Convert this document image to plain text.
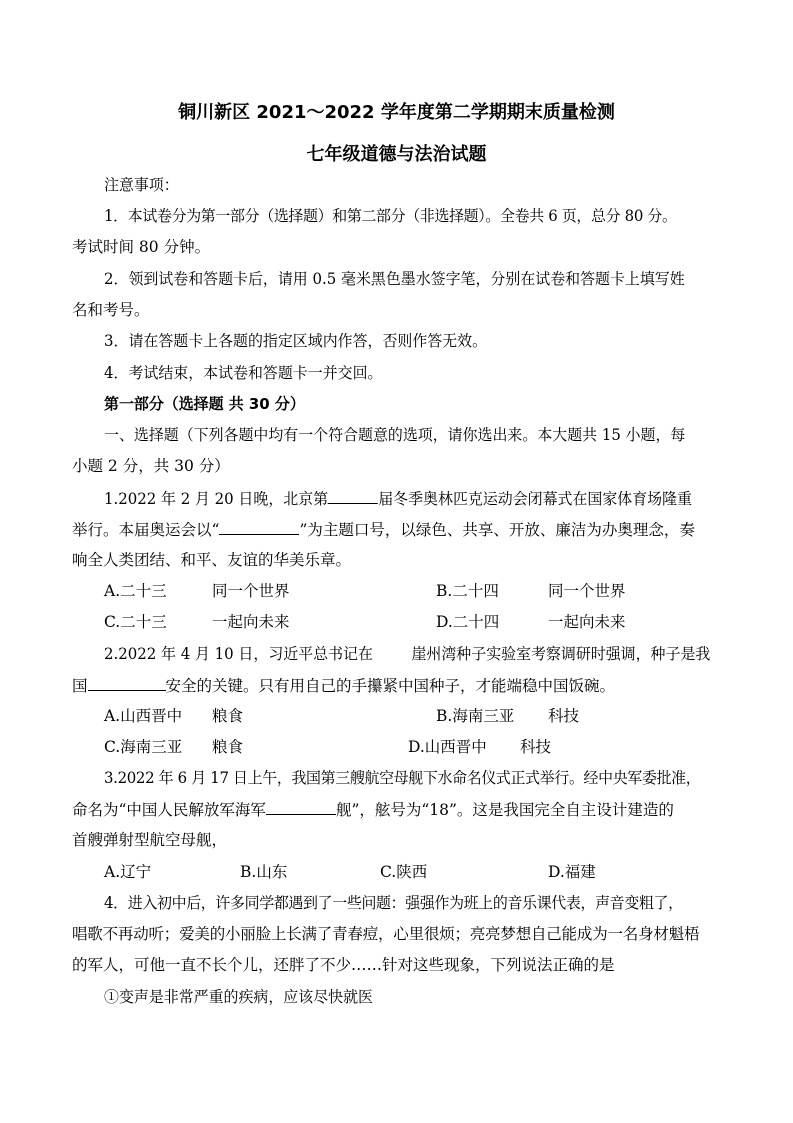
铜川新区 2021～2022 学年度第二学期期末质量检测
七年级道德与法治试题
注意事项：
1．本试卷分为第一部分（选择题）和第二部分（非选择题）。全卷共 6 页，总分 80 分。
考试时间 80 分钟。
2．领到试卷和答题卡后，请用 0.5 毫米黑色墨水签字笔，分别在试卷和答题卡上填写姓
名和考号。
3．请在答题卡上各题的指定区域内作答，否则作答无效。
4．考试结束，本试卷和答题卡一并交回。
第一部分（选择题 共 30 分）
一、选择题（下列各题中均有一个符合题意的选项，请你选出来。本大题共 15 小题，每
小题 2 分，共 30 分）
1.2022 年 2 月 20 日晚，北京第	届冬季奥林匹克运动会闭幕式在国家体育场隆重
举行。本届奥运会以“	”为主题口号，以绿色、共享、开放、廉洁为办奥理念，奏
响全人类团结、和平、友谊的华美乐章。
A.二十三	同一个世界	B.二十四	同一个世界
C.二十三	一起向未来	D.二十四	一起向未来
2.2022 年 4 月 10 日，习近平总书记在 崖州湾种子实验室考察调研时强调，种子是我
国	安全的关键。只有用自己的手攥紧中国种子，才能端稳中国饭碗。
A.山西晋中 粮食	B.海南三亚 科技
C.海南三亚 粮食	D.山西晋中 科技
3.2022 年 6 月 17 日上午，我国第三艘航空母舰下水命名仪式正式举行。经中央军委批准，
命名为“中国人民解放军海军	舰”，舷号为“18”。这是我国完全自主设计建造的
首艘弹射型航空母舰，
A.辽宁	B.山东	C.陕西	D.福建
4．进入初中后，许多同学都遇到了一些问题：强强作为班上的音乐课代表，声音变粗了，
唱歌不再动听；爱美的小丽脸上长满了青春痘，心里很烦；亮亮梦想自己能成为一名身材魁梧
的军人，可他一直不长个儿，还胖了不少……针对这些现象，下列说法正确的是
①变声是非常严重的疾病，应该尽快就医
